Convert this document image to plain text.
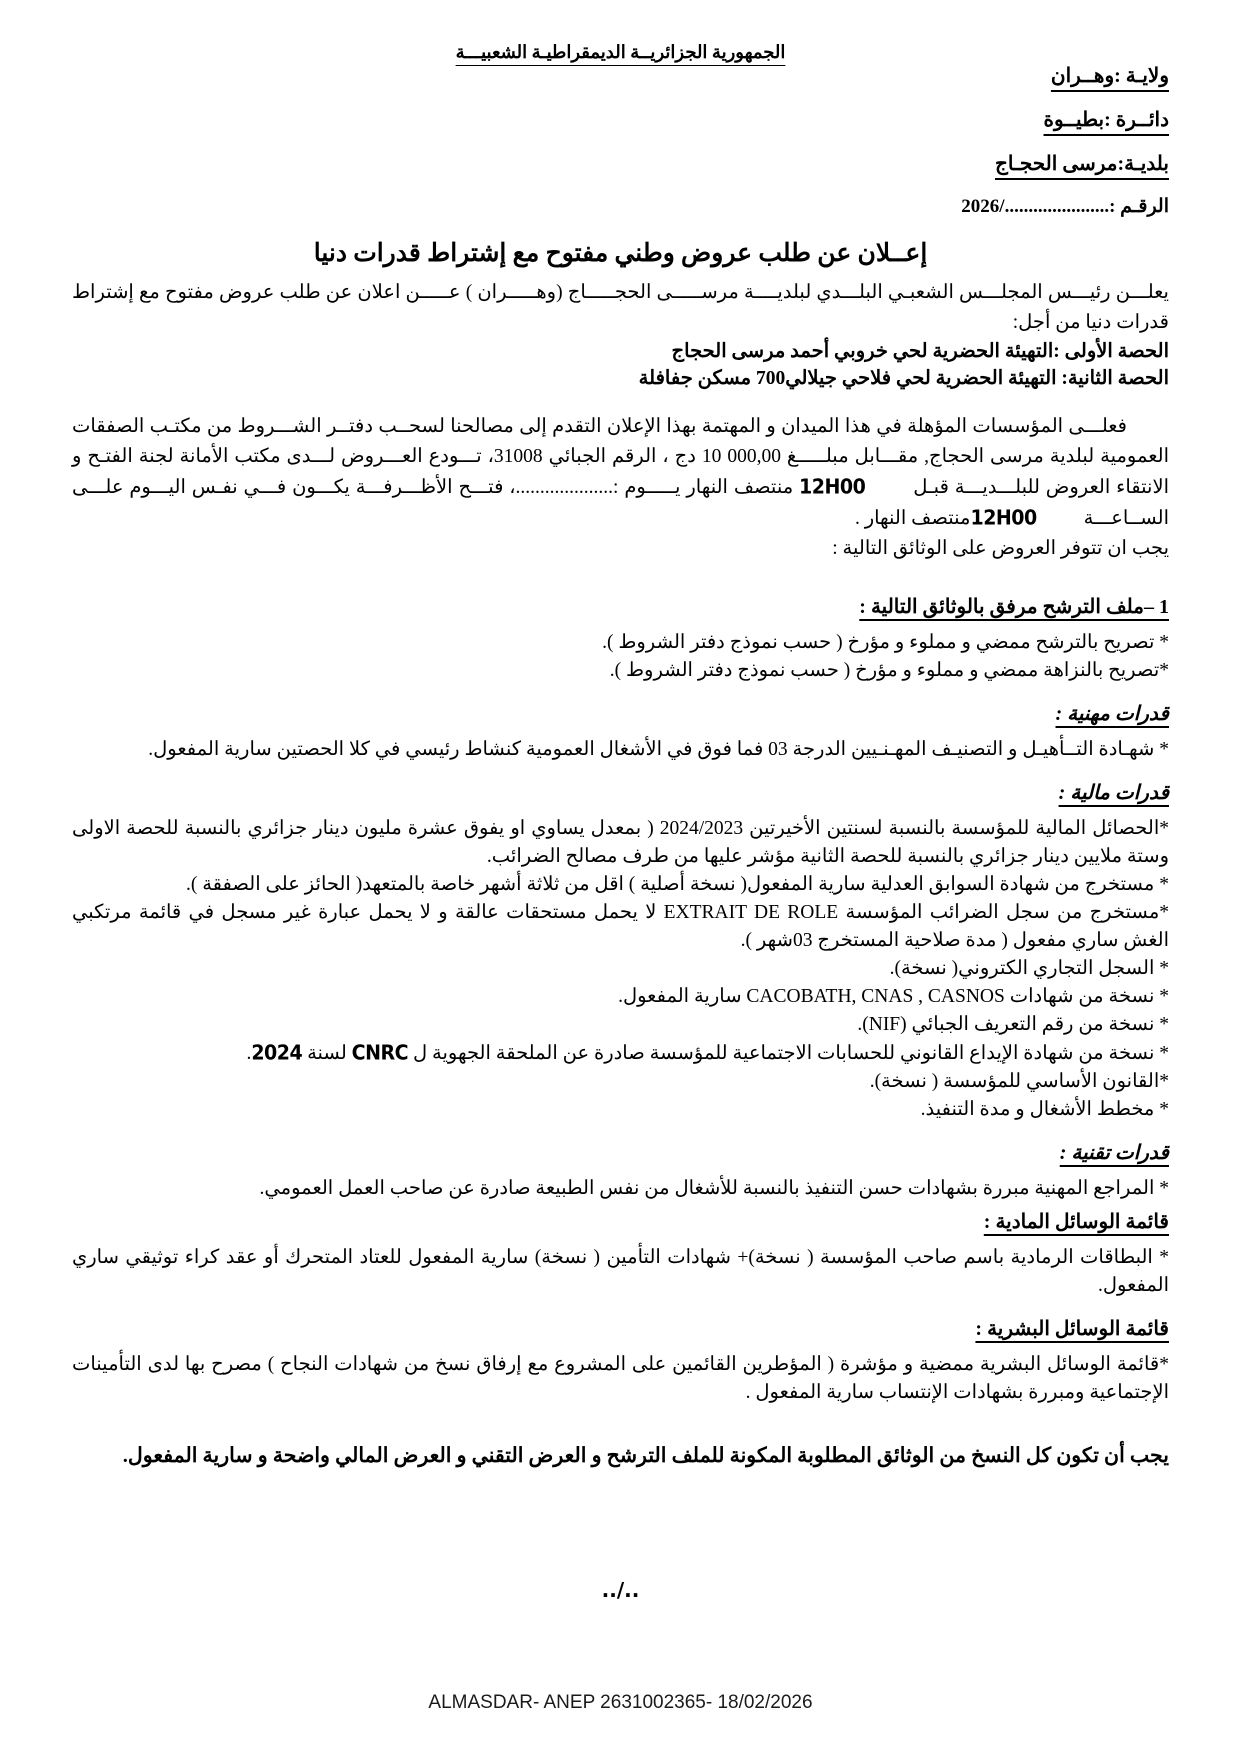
الجمهورية الجزائريــة الديمقراطيـة الشعبيـــة
ولايـة :وهــران
دائــرة :بطيــوة
بلديـة:مرسى الحجـاج

الرقـم :....................../2026

إعــلان عن طلب عروض وطني مفتوح مع إشتراط قدرات دنيا

يعلـــن رئيـــس المجلـــس الشعبـي البلـــدي لبلديــــة مرســـــى الحجـــــاج (وهـــــران ) عـــــن اعلان عن طلب عروض مفتوح مع إشتراط قدرات دنيا من أجل:

الحصة الأولى :التهيئة الحضرية لحي خروبي أحمد مرسى الحجاج

الحصة الثانية: التهيئة الحضرية لحي فلاحي جيلالي700 مسكن جفافلة

فعلـــى المؤسسات المؤهلة في هذا الميدان و المهتمة بهذا الإعلان التقدم إلى مصالحنا لسحــب دفتــر الشـــروط من مكتـب الصفقات العمومية لبلدية مرسى الحجاج, مقـــابل مبلـــــغ 10 000,00 دج ، الرقم الجبائي 31008، تـــودع العـــروض لـــدى مكتب الأمانة لجنة الفتـح و الانتقاء العروض للبلـــديـــة قبـل 12H00 منتصف النهار يـــــوم :....................، فتـــح الأظـــرفـــة يكـــون فـــي نفـس اليـــوم علـــى الســاعـــة 12H00منتصف النهار .

يجب ان تتوفر العروض على الوثائق التالية :

1 –ملف الترشح مرفق بالوثائق التالية :

* تصريح بالترشح ممضي و مملوء و مؤرخ ( حسب نموذج دفتر الشروط ).

*تصريح بالنزاهة ممضي و مملوء و مؤرخ ( حسب نموذج دفتر الشروط ).

قدرات مهنية :

* شهـادة التــأهيـل و التصنيـف المهـنـيين الدرجة 03 فما فوق في الأشغال العمومية كنشاط رئيسي في كلا الحصتين سارية المفعول.

قدرات مالية :

*الحصائل المالية للمؤسسة بالنسبة لسنتين الأخيرتين 2024/2023 ( بمعدل يساوي او يفوق عشرة مليون دينار جزائري بالنسبة للحصة الاولى وستة ملايين دينار جزائري بالنسبة للحصة الثانية مؤشر عليها من طرف مصالح الضرائب.

* مستخرج من شهادة السوابق العدلية سارية المفعول( نسخة أصلية ) اقل من ثلاثة أشهر خاصة بالمتعهد( الحائز على الصفقة ).

*مستخرج من سجل الضرائب المؤسسة EXTRAIT DE ROLE لا يحمل مستحقات عالقة و لا يحمل عبارة غير مسجل في قائمة مرتكبي الغش ساري مفعول ( مدة صلاحية المستخرج 03شهر ).

* السجل التجاري الكتروني( نسخة).

* نسخة من شهادات CACOBATH, CNAS , CASNOS سارية المفعول.

* نسخة من رقم التعريف الجبائي (NIF).

* نسخة من شهادة الإيداع القانوني للحسابات الاجتماعية للمؤسسة صادرة عن الملحقة الجهوية ل CNRC لسنة 2024.

*القانون الأساسي للمؤسسة ( نسخة).

* مخطط الأشغال و مدة التنفيذ.

قدرات تقنية :

* المراجع المهنية مبررة بشهادات حسن التنفيذ بالنسبة للأشغال من نفس الطبيعة صادرة عن صاحب العمل العمومي.

قائمة الوسائل المادية :

* البطاقات الرمادية باسم صاحب المؤسسة ( نسخة)+ شهادات التأمين ( نسخة) سارية المفعول للعتاد المتحرك أو عقد كراء توثيقي ساري المفعول.

قائمة الوسائل البشرية :

*قائمة الوسائل البشرية ممضية و مؤشرة ( المؤطرين القائمين على المشروع مع إرفاق نسخ من شهادات النجاح ) مصرح بها لدى التأمينات الإجتماعية ومبررة بشهادات الإنتساب سارية المفعول .

يجب أن تكون كل النسخ من الوثائق المطلوبة المكونة للملف الترشح و العرض التقني و العرض المالي واضحة و سارية المفعول.

../..
ALMASDAR- ANEP 2631002365- 18/02/2026
